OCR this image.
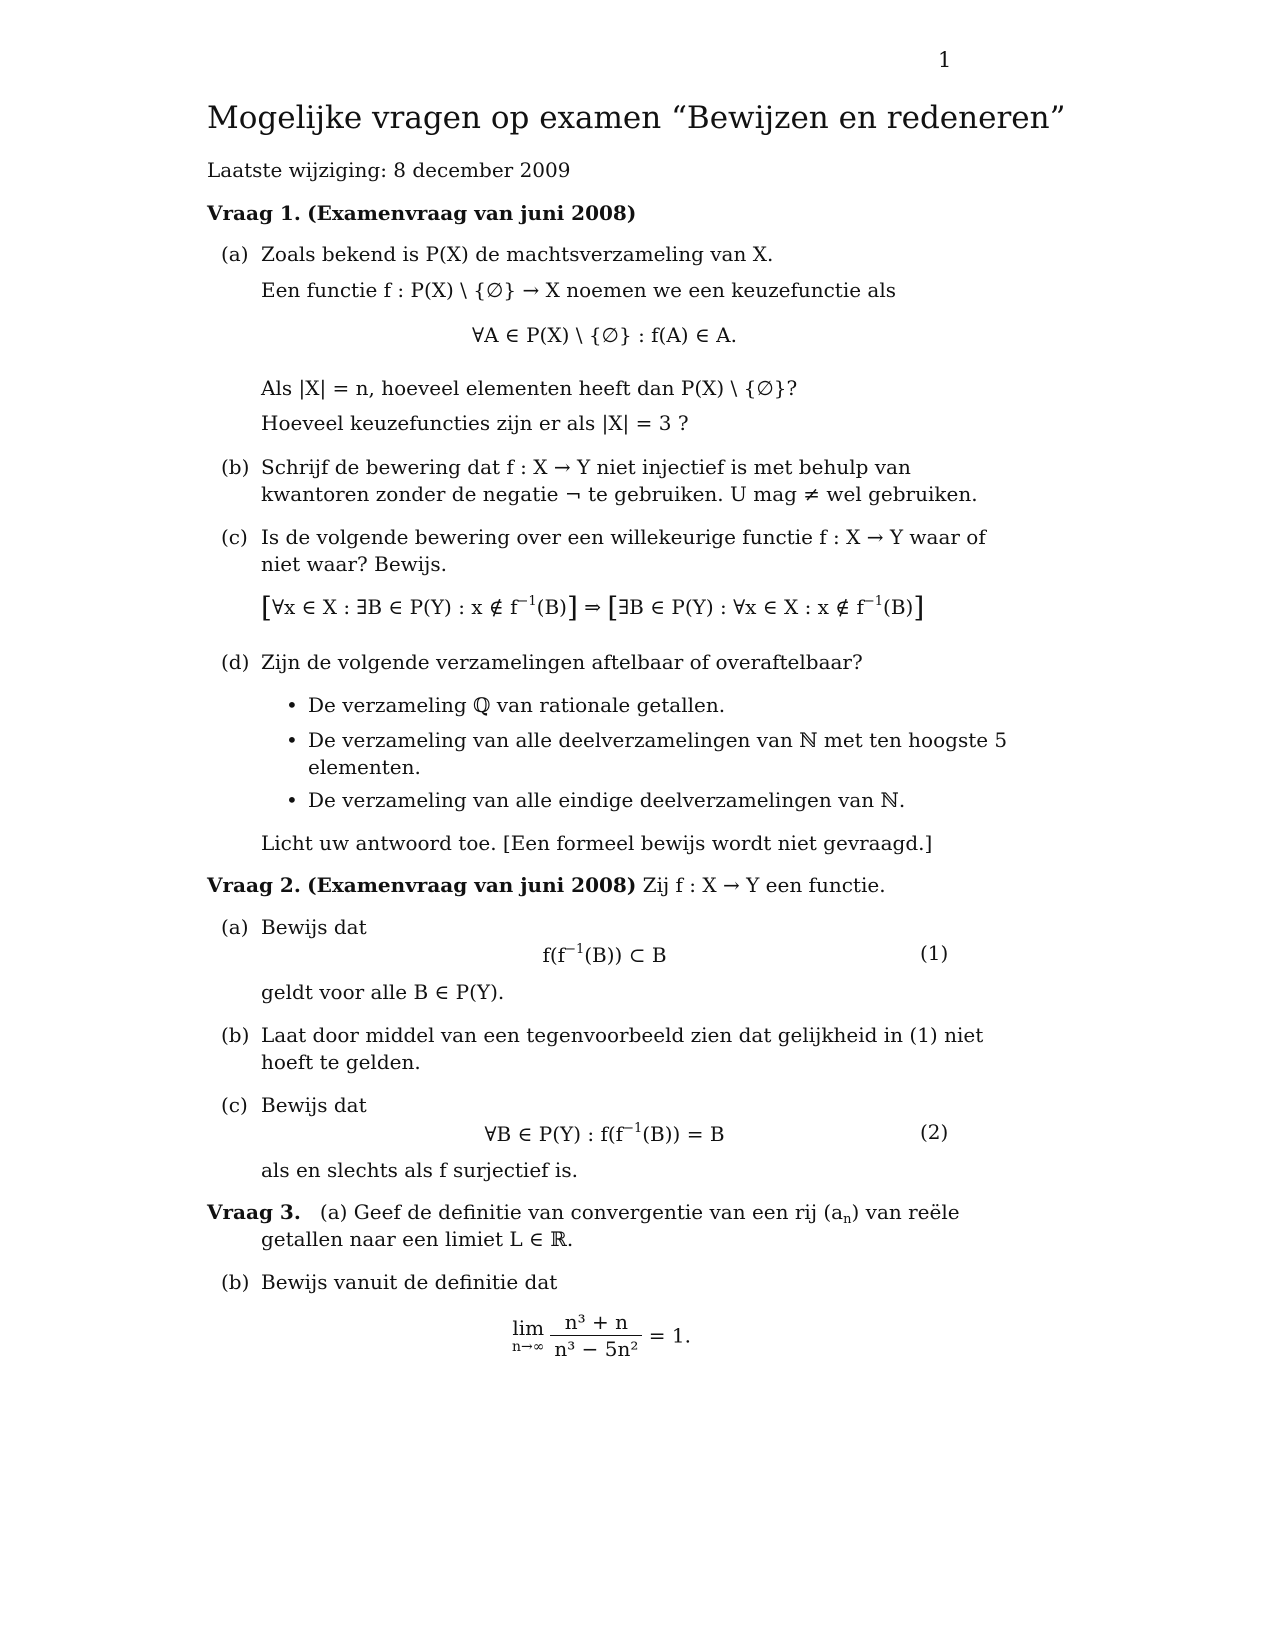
1
Mogelijke vragen op examen “Bewijzen en redeneren”
Laatste wijziging: 8 december 2009
Vraag 1. (Examenvraag van juni 2008)
(a) Zoals bekend is P(X) de machtsverzameling van X.
Een functie f : P(X) \ {∅} → X noemen we een keuzefunctie als
∀A ∈ P(X) \ {∅} : f(A) ∈ A.
Als |X| = n, hoeveel elementen heeft dan P(X) \ {∅}?
Hoeveel keuzefuncties zijn er als |X| = 3 ?
(b) Schrijf de bewering dat f : X → Y niet injectief is met behulp van
kwantoren zonder de negatie ¬ te gebruiken. U mag ≠ wel gebruiken.
(c) Is de volgende bewering over een willekeurige functie f : X → Y waar of
niet waar? Bewijs.
[∀x ∈ X : ∃B ∈ P(Y) : x ∉ $f^{-1}(B)$] ⇒ [∃B ∈ P(Y) : ∀x ∈ X : x ∉ $f^{-1}(B)$]
(d) Zijn de volgende verzamelingen aftelbaar of overaftelbaar?
• De verzameling ℚ van rationale getallen.
• De verzameling van alle deelverzamelingen van ℕ met ten hoogste 5
elementen.
• De verzameling van alle eindige deelverzamelingen van ℕ.
Licht uw antwoord toe. [Een formeel bewijs wordt niet gevraagd.]
Vraag 2. (Examenvraag van juni 2008) Zij f : X → Y een functie.
(a) Bewijs dat
$f(f^{-1}(B))$ ⊂ B	(1)
geldt voor alle B ∈ P(Y).
(b) Laat door middel van een tegenvoorbeeld zien dat gelijkheid in (1) niet
hoeft te gelden.
(c) Bewijs dat
∀B ∈ P(Y) : $f(f^{-1}(B)) = B$	(2)
als en slechts als f surjectief is.
Vraag 3. (a) Geef de definitie van convergentie van een rij $(a_n)$ van reële
getallen naar een limiet L ∈ ℝ.
(b) Bewijs vanuit de definitie dat
lim
$n\to\infty \frac{\text{n³ + n}}{\text{n³ − 5n²}} = 1$.
